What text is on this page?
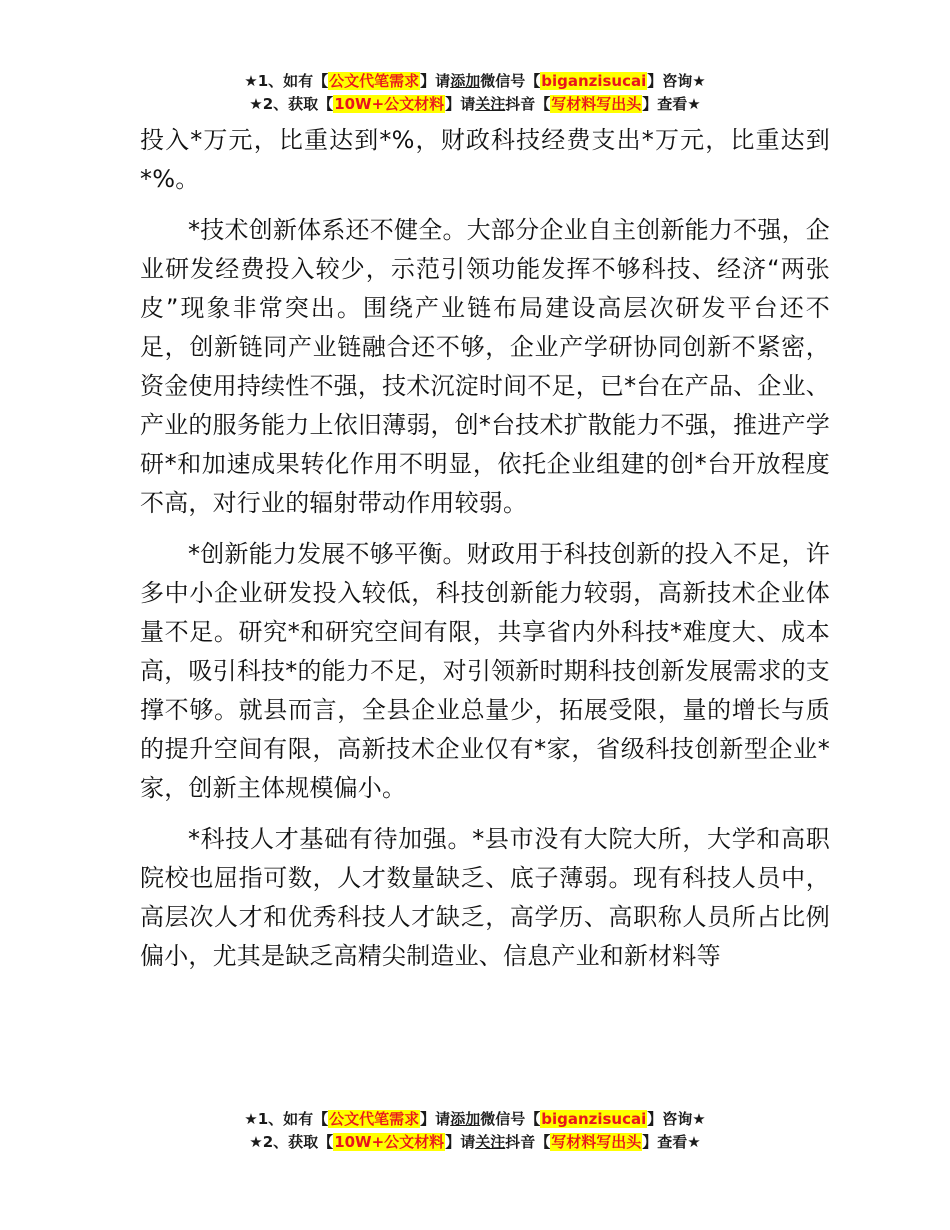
★1、如有【公文代笔需求】请添加微信号【biganzisucai】咨询★
★2、获取【10W+公文材料】请关注抖音【写材料写出头】查看★

投入*万元，比重达到*%，财政科技经费支出*万元，比重达到*%。

*技术创新体系还不健全。大部分企业自主创新能力不强，企业研发经费投入较少，示范引领功能发挥不够科技、经济“两张皮”现象非常突出。围绕产业链布局建设高层次研发平台还不足，创新链同产业链融合还不够，企业产学研协同创新不紧密，资金使用持续性不强，技术沉淀时间不足，已*台在产品、企业、产业的服务能力上依旧薄弱，创*台技术扩散能力不强，推进产学研*和加速成果转化作用不明显，依托企业组建的创*台开放程度不高，对行业的辐射带动作用较弱。

*创新能力发展不够平衡。财政用于科技创新的投入不足，许多中小企业研发投入较低，科技创新能力较弱，高新技术企业体量不足。研究*和研究空间有限，共享省内外科技*难度大、成本高，吸引科技*的能力不足，对引领新时期科技创新发展需求的支撑不够。就县而言，全县企业总量少，拓展受限，量的增长与质的提升空间有限，高新技术企业仅有*家，省级科技创新型企业*家，创新主体规模偏小。

*科技人才基础有待加强。*县市没有大院大所，大学和高职院校也屈指可数，人才数量缺乏、底子薄弱。现有科技人员中，高层次人才和优秀科技人才缺乏，高学历、高职称人员所占比例偏小，尤其是缺乏高精尖制造业、信息产业和新材料等

★1、如有【公文代笔需求】请添加微信号【biganzisucai】咨询★
★2、获取【10W+公文材料】请关注抖音【写材料写出头】查看★
